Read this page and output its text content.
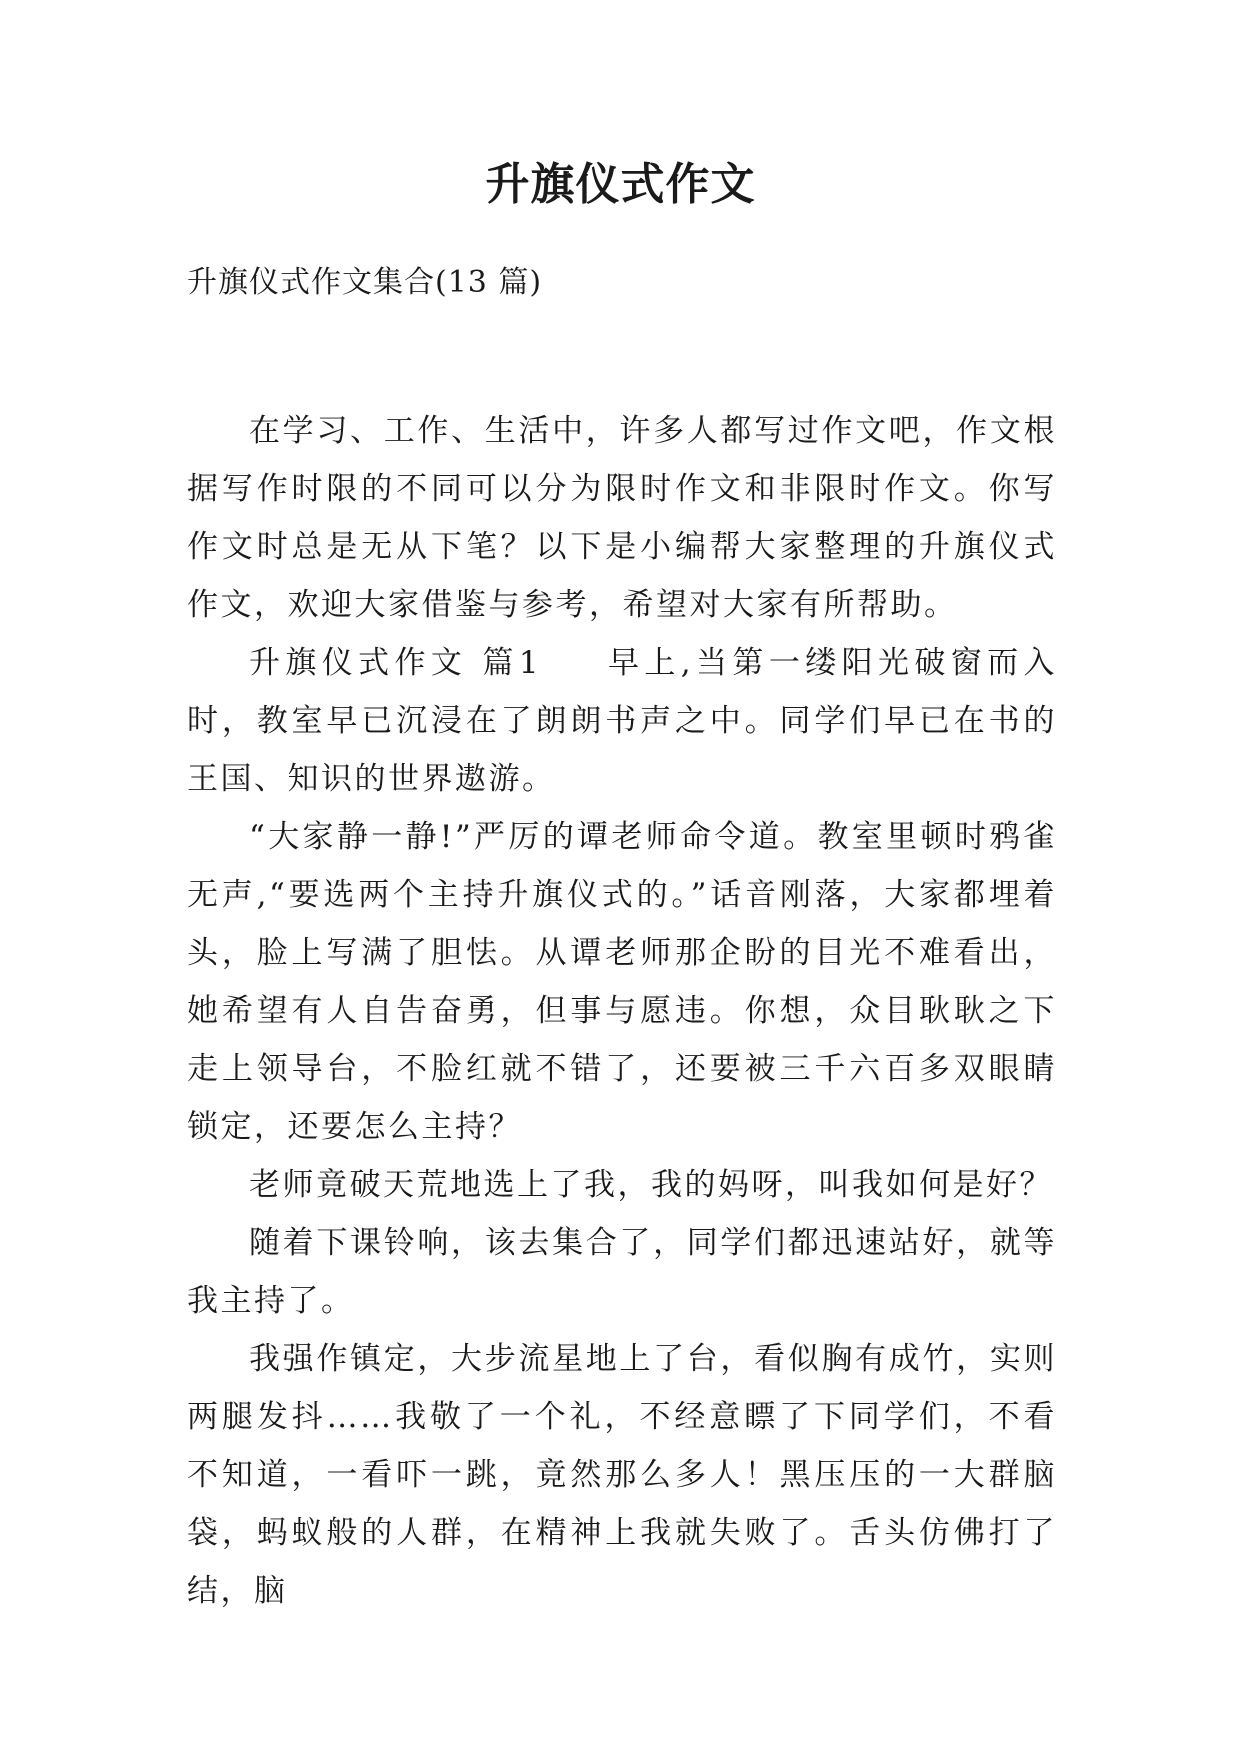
升旗仪式作文

升旗仪式作文集合(13 篇)

在学习、工作、生活中，许多人都写过作文吧，作文根据写作时限的不同可以分为限时作文和非限时作文。你写作文时总是无从下笔？以下是小编帮大家整理的升旗仪式作文，欢迎大家借鉴与参考，希望对大家有所帮助。

升旗仪式作文 篇1 早上,当第一缕阳光破窗而入时，教室早已沉浸在了朗朗书声之中。同学们早已在书的王国、知识的世界遨游。

“大家静一静!”严厉的谭老师命令道。教室里顿时鸦雀无声,“要选两个主持升旗仪式的。”话音刚落，大家都埋着头，脸上写满了胆怯。从谭老师那企盼的目光不难看出，她希望有人自告奋勇，但事与愿违。你想，众目耿耿之下走上领导台，不脸红就不错了，还要被三千六百多双眼睛锁定，还要怎么主持？

老师竟破天荒地选上了我，我的妈呀，叫我如何是好？

随着下课铃响，该去集合了，同学们都迅速站好，就等我主持了。

我强作镇定，大步流星地上了台，看似胸有成竹，实则两腿发抖……我敬了一个礼，不经意瞟了下同学们，不看不知道，一看吓一跳，竟然那么多人！黑压压的一大群脑袋，蚂蚁般的人群，在精神上我就失败了。舌头仿佛打了结，脑
